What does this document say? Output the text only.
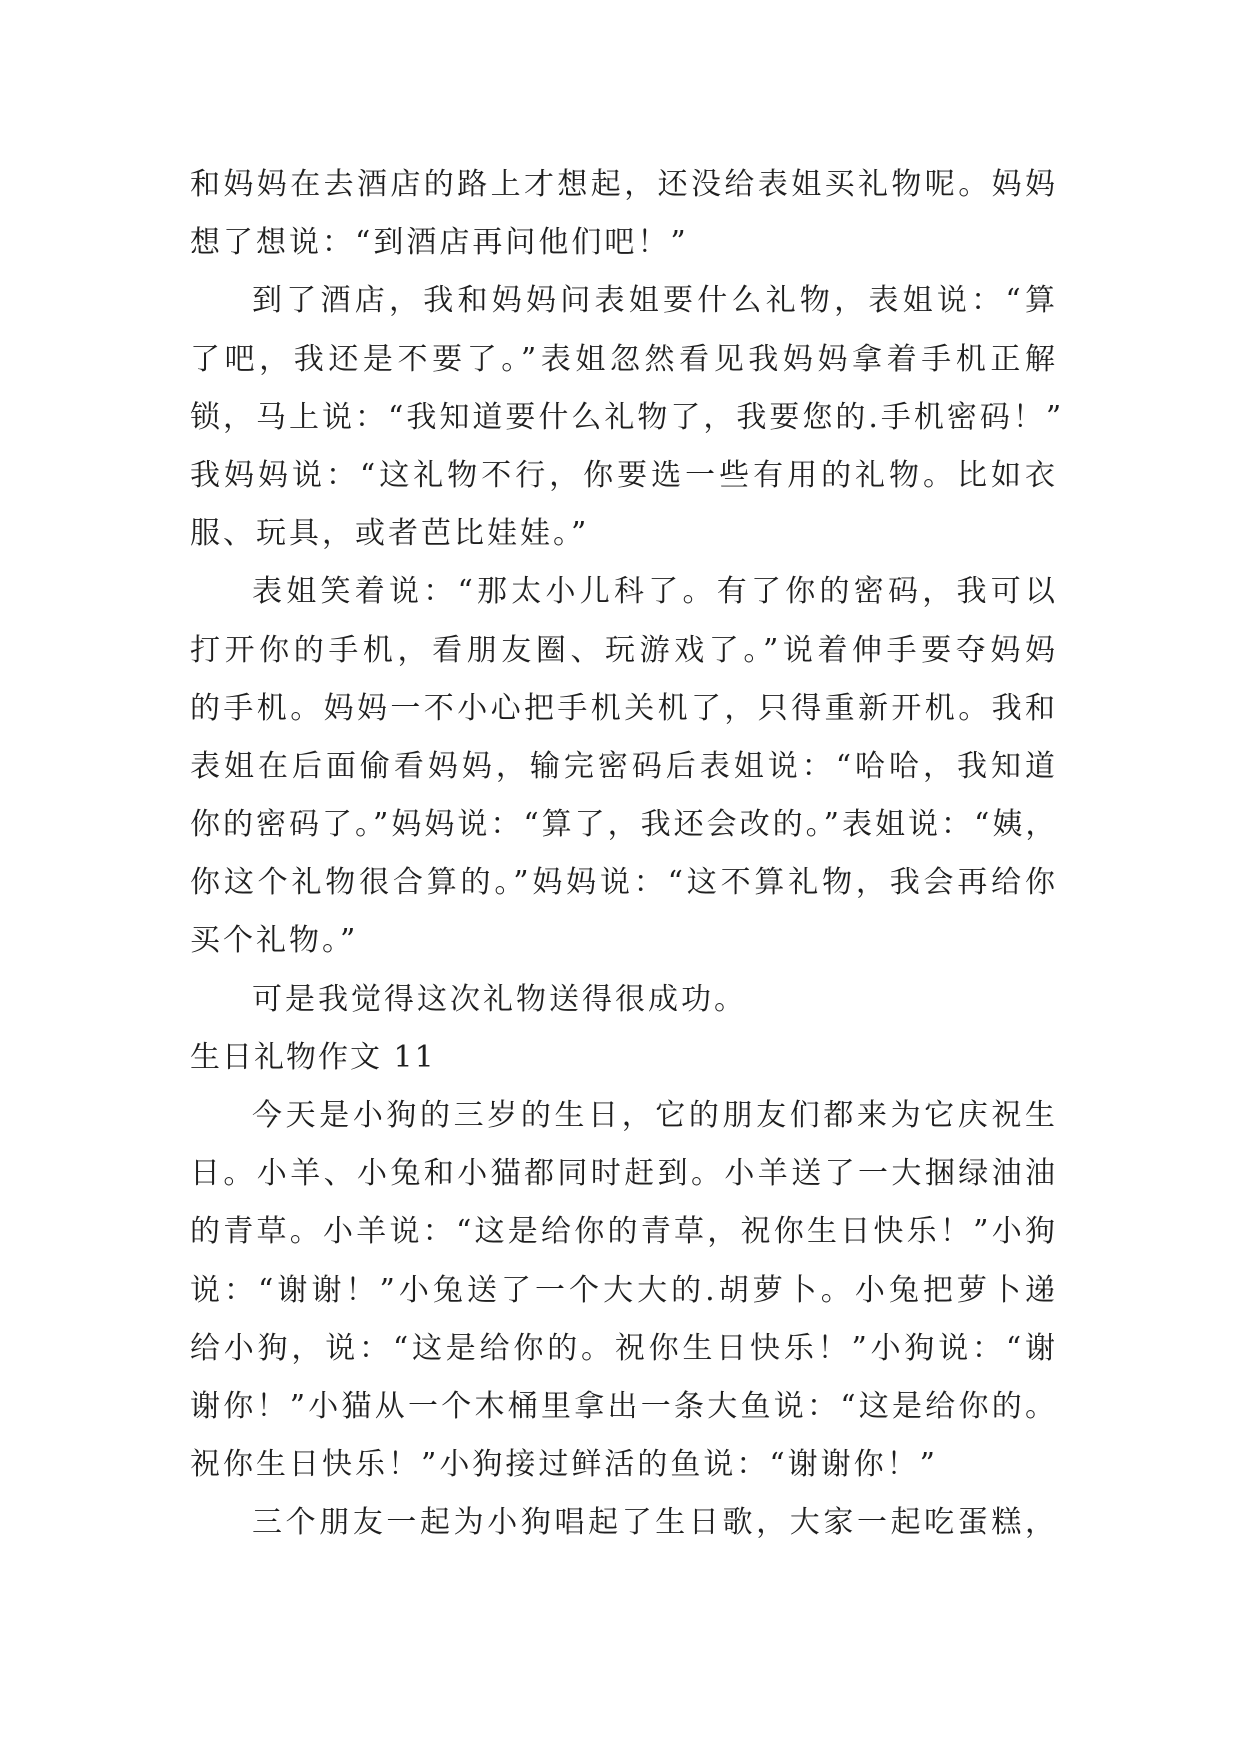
和妈妈在去酒店的路上才想起，还没给表姐买礼物呢。妈妈
想了想说：“到酒店再问他们吧！”
到了酒店，我和妈妈问表姐要什么礼物，表姐说：“算
了吧，我还是不要了。”表姐忽然看见我妈妈拿着手机正解
锁，马上说：“我知道要什么礼物了，我要您的.手机密码！”
我妈妈说：“这礼物不行，你要选一些有用的礼物。比如衣
服、玩具，或者芭比娃娃。”
表姐笑着说：“那太小儿科了。有了你的密码，我可以
打开你的手机，看朋友圈、玩游戏了。”说着伸手要夺妈妈
的手机。妈妈一不小心把手机关机了，只得重新开机。我和
表姐在后面偷看妈妈，输完密码后表姐说：“哈哈，我知道
你的密码了。”妈妈说：“算了，我还会改的。”表姐说：“姨，
你这个礼物很合算的。”妈妈说：“这不算礼物，我会再给你
买个礼物。”
可是我觉得这次礼物送得很成功。
生日礼物作文 11
今天是小狗的三岁的生日，它的朋友们都来为它庆祝生
日。小羊、小兔和小猫都同时赶到。小羊送了一大捆绿油油
的青草。小羊说：“这是给你的青草，祝你生日快乐！”小狗
说：“谢谢！”小兔送了一个大大的.胡萝卜。小兔把萝卜递
给小狗，说：“这是给你的。祝你生日快乐！”小狗说：“谢
谢你！”小猫从一个木桶里拿出一条大鱼说：“这是给你的。
祝你生日快乐！”小狗接过鲜活的鱼说：“谢谢你！”
三个朋友一起为小狗唱起了生日歌，大家一起吃蛋糕，
